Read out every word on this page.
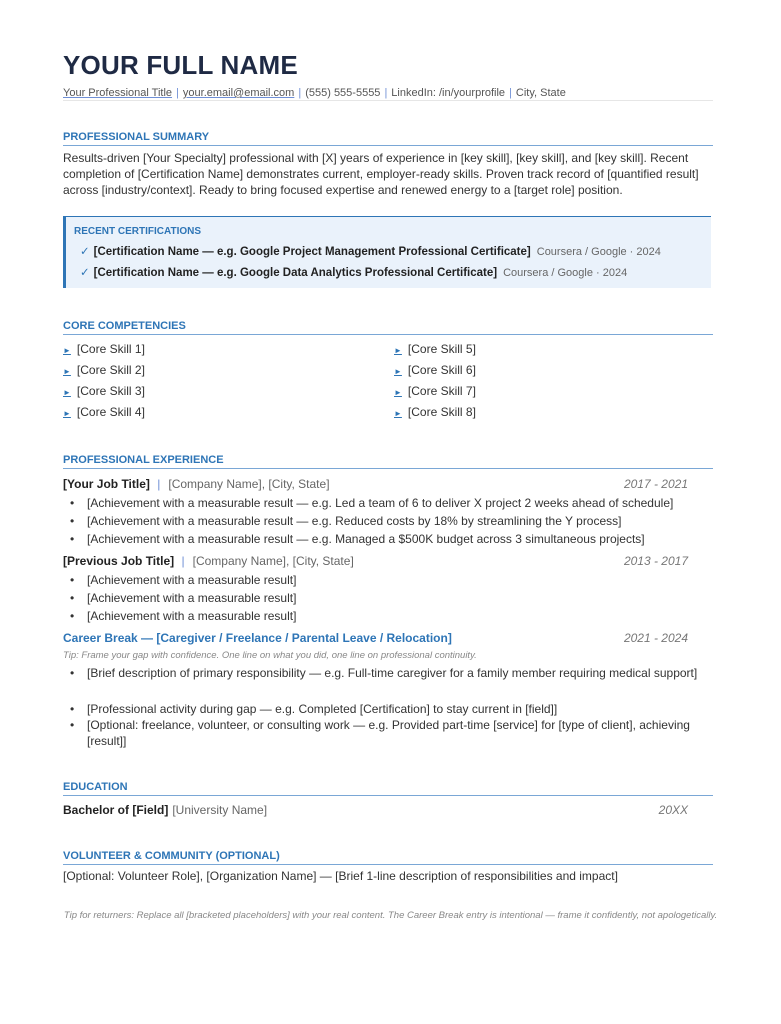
YOUR FULL NAME
Your Professional Title | your.email@email.com | (555) 555-5555 | LinkedIn: /in/yourprofile | City, State
PROFESSIONAL SUMMARY
Results-driven [Your Specialty] professional with [X] years of experience in [key skill], [key skill], and [key skill]. Recent completion of [Certification Name] demonstrates current, employer-ready skills. Proven track record of [quantified result] across [industry/context]. Ready to bring focused expertise and renewed energy to a [target role] position.
RECENT CERTIFICATIONS
✓ [Certification Name — e.g. Google Project Management Professional Certificate] Coursera / Google · 2024
✓ [Certification Name — e.g. Google Data Analytics Professional Certificate] Coursera / Google · 2024
CORE COMPETENCIES
► [Core Skill 1]
► [Core Skill 2]
► [Core Skill 3]
► [Core Skill 4]
► [Core Skill 5]
► [Core Skill 6]
► [Core Skill 7]
► [Core Skill 8]
PROFESSIONAL EXPERIENCE
[Your Job Title] | [Company Name], [City, State]	2017 - 2021
• [Achievement with a measurable result — e.g. Led a team of 6 to deliver X project 2 weeks ahead of schedule]
• [Achievement with a measurable result — e.g. Reduced costs by 18% by streamlining the Y process]
• [Achievement with a measurable result — e.g. Managed a $500K budget across 3 simultaneous projects]
[Previous Job Title] | [Company Name], [City, State]	2013 - 2017
• [Achievement with a measurable result]
• [Achievement with a measurable result]
• [Achievement with a measurable result]
Career Break — [Caregiver / Freelance / Parental Leave / Relocation]	2021 - 2024
Tip: Frame your gap with confidence. One line on what you did, one line on professional continuity.
• [Brief description of primary responsibility — e.g. Full-time caregiver for a family member requiring medical support]
• [Professional activity during gap — e.g. Completed [Certification] to stay current in [field]]
• [Optional: freelance, volunteer, or consulting work — e.g. Provided part-time [service] for [type of client], achieving [result]]
EDUCATION
Bachelor of [Field] [University Name]	20XX
VOLUNTEER & COMMUNITY (OPTIONAL)
[Optional: Volunteer Role], [Organization Name] — [Brief 1-line description of responsibilities and impact]
Tip for returners: Replace all [bracketed placeholders] with your real content. The Career Break entry is intentional — frame it confidently, not apologetically.
